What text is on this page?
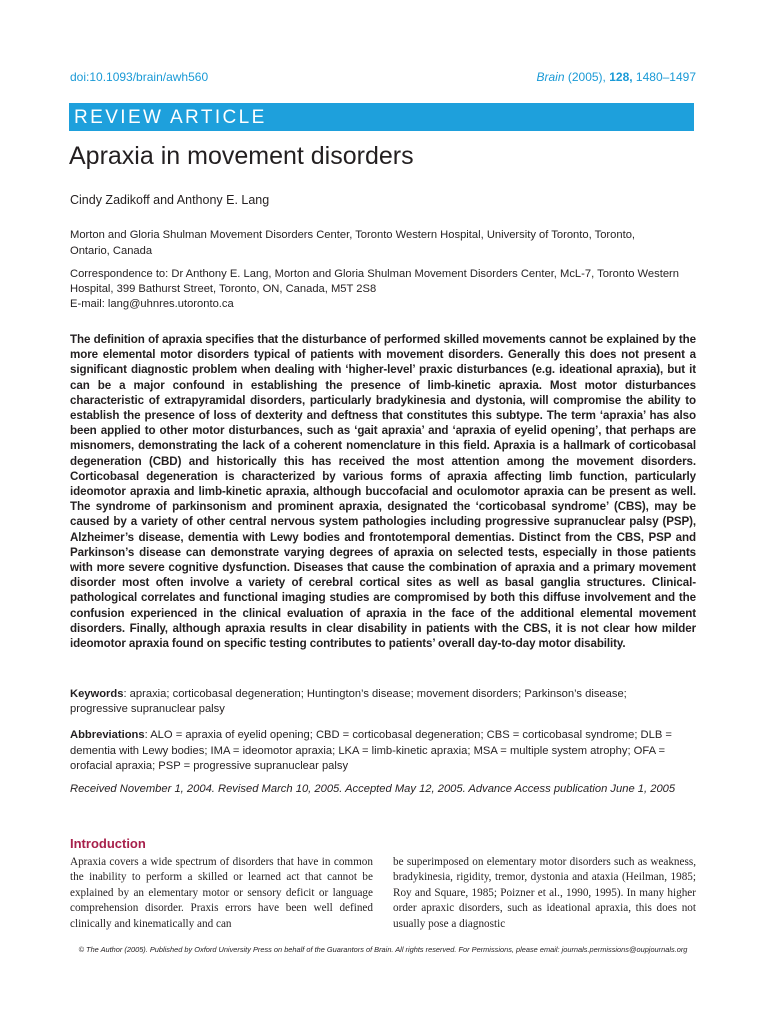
doi:10.1093/brain/awh560	Brain (2005), 128, 1480–1497
REVIEW ARTICLE
Apraxia in movement disorders
Cindy Zadikoff and Anthony E. Lang
Morton and Gloria Shulman Movement Disorders Center, Toronto Western Hospital, University of Toronto, Toronto, Ontario, Canada
Correspondence to: Dr Anthony E. Lang, Morton and Gloria Shulman Movement Disorders Center, McL-7, Toronto Western Hospital, 399 Bathurst Street, Toronto, ON, Canada, M5T 2S8
E-mail: lang@uhnres.utoronto.ca
The definition of apraxia specifies that the disturbance of performed skilled movements cannot be explained by the more elemental motor disorders typical of patients with movement disorders. Generally this does not present a significant diagnostic problem when dealing with ‘higher-level’ praxic disturbances (e.g. ideational apraxia), but it can be a major confound in establishing the presence of limb-kinetic apraxia. Most motor disturbances characteristic of extrapyramidal disorders, particularly bradykinesia and dystonia, will compromise the ability to establish the presence of loss of dexterity and deftness that constitutes this subtype. The term ‘apraxia’ has also been applied to other motor disturbances, such as ‘gait apraxia’ and ‘apraxia of eyelid opening’, that perhaps are misnomers, demonstrating the lack of a coherent nomenclature in this field. Apraxia is a hallmark of corticobasal degeneration (CBD) and historically this has received the most attention among the movement disorders. Corticobasal degeneration is characterized by various forms of apraxia affecting limb function, particularly ideomotor apraxia and limb-kinetic apraxia, although buccofacial and oculomotor apraxia can be present as well. The syndrome of parkinsonism and prominent apraxia, designated the ‘corticobasal syndrome’ (CBS), may be caused by a variety of other central nervous system pathologies including progressive supranuclear palsy (PSP), Alzheimer’s disease, dementia with Lewy bodies and frontotemporal dementias. Distinct from the CBS, PSP and Parkinson’s disease can demonstrate varying degrees of apraxia on selected tests, especially in those patients with more severe cognitive dysfunction. Diseases that cause the combination of apraxia and a primary movement disorder most often involve a variety of cerebral cortical sites as well as basal ganglia structures. Clinical-pathological correlates and functional imaging studies are compromised by both this diffuse involvement and the confusion experienced in the clinical evaluation of apraxia in the face of the additional elemental movement disorders. Finally, although apraxia results in clear disability in patients with the CBS, it is not clear how milder ideomotor apraxia found on specific testing contributes to patients’ overall day-to-day motor disability.
Keywords: apraxia; corticobasal degeneration; Huntington’s disease; movement disorders; Parkinson’s disease; progressive supranuclear palsy
Abbreviations: ALO = apraxia of eyelid opening; CBD = corticobasal degeneration; CBS = corticobasal syndrome; DLB = dementia with Lewy bodies; IMA = ideomotor apraxia; LKA = limb-kinetic apraxia; MSA = multiple system atrophy; OFA = orofacial apraxia; PSP = progressive supranuclear palsy
Received November 1, 2004. Revised March 10, 2005. Accepted May 12, 2005. Advance Access publication June 1, 2005
Introduction
Apraxia covers a wide spectrum of disorders that have in common the inability to perform a skilled or learned act that cannot be explained by an elementary motor or sensory deficit or language comprehension disorder. Praxis errors have been well defined clinically and kinematically and can
be superimposed on elementary motor disorders such as weakness, bradykinesia, rigidity, tremor, dystonia and ataxia (Heilman, 1985; Roy and Square, 1985; Poizner et al., 1990, 1995). In many higher order apraxic disorders, such as ideational apraxia, this does not usually pose a diagnostic
© The Author (2005). Published by Oxford University Press on behalf of the Guarantors of Brain. All rights reserved. For Permissions, please email: journals.permissions@oupjournals.org
